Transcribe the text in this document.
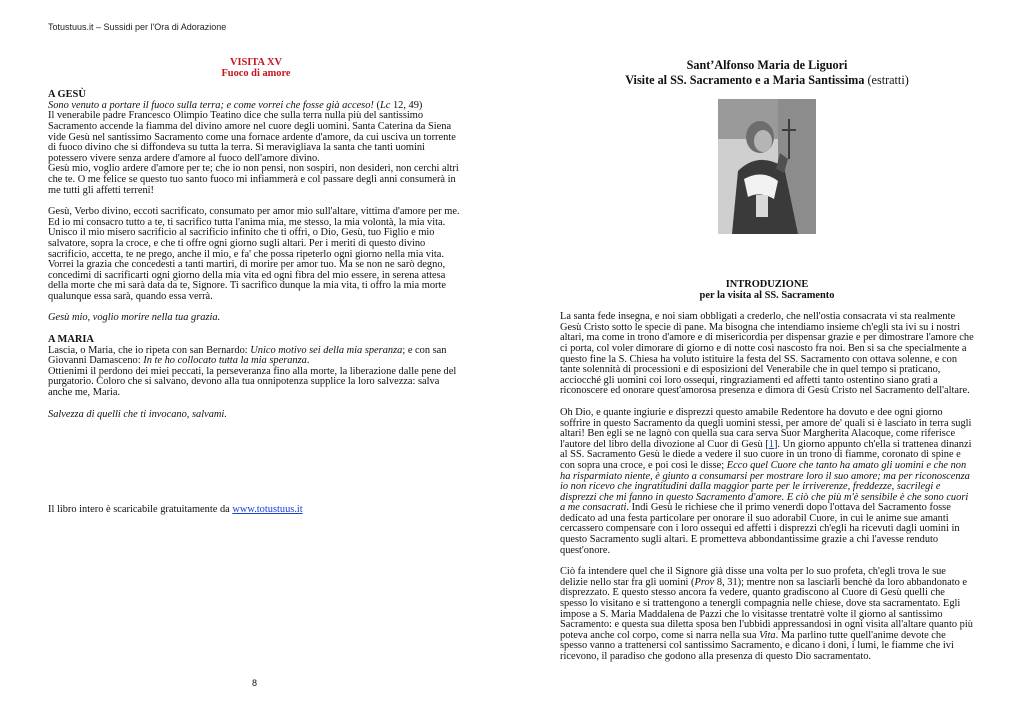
Totustuus.it – Sussidi per l'Ora di Adorazione

VISITA XV

Fuoco di amore

A GESÙ

Sono venuto a portare il fuoco sulla terra; e come vorrei che fosse già acceso! (Lc 12, 49)

Il venerabile padre Francesco Olimpio Teatino dice che sulla terra nulla più del santissimo Sacramento accende la fiamma del divino amore nel cuore degli uomini. Santa Caterina da Siena vide Gesù nel santissimo Sacramento come una fornace ardente d'amore, da cui usciva un torrente di fuoco divino che si diffondeva su tutta la terra. Si meravigliava la santa che tanti uomini potessero vivere senza ardere d'amore al fuoco dell'amore divino.

Gesù mio, voglio ardere d'amore per te; che io non pensi, non sospiri, non desideri, non cerchi altri che te. O me felice se questo tuo santo fuoco mi infiammerà e col passare degli anni consumerà in me tutti gli affetti terreni!

Gesù, Verbo divino, eccoti sacrificato, consumato per amor mio sull'altare, vittima d'amore per me. Ed io mi consacro tutto a te, ti sacrifico tutta l'anima mia, me stesso, la mia volontà, la mia vita. Unisco il mio misero sacrificio al sacrificio infinito che ti offri, o Dio, Gesù, tuo Figlio e mio salvatore, sopra la croce, e che ti offre ogni giorno sugli altari. Per i meriti di questo divino sacrificio, accetta, te ne prego, anche il mio, e fa' che possa ripeterlo ogni giorno nella mia vita. Vorrei la grazia che concedesti a tanti martiri, di morire per amor tuo. Ma se non ne sarò degno, concedimi di sacrificarti ogni giorno della mia vita ed ogni fibra del mio essere, in serena attesa della morte che mi sarà data da te, Signore. Ti sacrifico dunque la mia vita, ti offro la mia morte qualunque essa sarà, quando essa verrà.

Gesù mio, voglio morire nella tua grazia.

A MARIA

Lascia, o Maria, che io ripeta con san Bernardo: Unico motivo sei della mia speranza; e con san Giovanni Damasceno: In te ho collocato tutta la mia speranza.

Ottienimi il perdono dei miei peccati, la perseveranza fino alla morte, la liberazione dalle pene del purgatorio. Coloro che si salvano, devono alla tua onnipotenza supplice la loro salvezza: salva anche me, Maria.

Salvezza di quelli che ti invocano, salvami.

Il libro intero è scaricabile gratuitamente da www.totustuus.it

Sant’Alfonso Maria de Liguori

Visite al SS. Sacramento e a Maria Santissima (estratti)

INTRODUZIONE

per la visita al SS. Sacramento

La santa fede insegna, e noi siam obbligati a crederlo, che nell'ostia consacrata vi sta realmente Gesù Cristo sotto le specie di pane. Ma bisogna che intendiamo insieme ch'egli sta ivi su i nostri altari, ma come in trono d'amore e di misericordia per dispensar grazie e per dimostrare l'amore che ci porta, col voler dimorare di giorno e di notte così nascosto fra noi. Ben si sa che specialmente a questo fine la S. Chiesa ha voluto istituire la festa del SS. Sacramento con ottava solenne, e con tante solennità di processioni e di esposizioni del Venerabile che in quel tempo si praticano, acciocché gli uomini coi loro ossequi, ringraziamenti ed affetti tanto ostentino siano grati a riconoscere ed onorare quest'amorosa presenza e dimora di Gesù Cristo nel Sacramento dell'altare.

Oh Dio, e quante ingiurie e disprezzi questo amabile Redentore ha dovuto e dee ogni giorno soffrire in questo Sacramento da quegli uomini stessi, per amore de' quali si è lasciato in terra sugli altari! Ben egli se ne lagnò con quella sua cara serva Suor Margherita Alacoque, come riferisce l'autore del libro della divozione al Cuor di Gesù [1]. Un giorno appunto ch'ella si trattenea dinanzi al SS. Sacramento Gesù le diede a vedere il suo cuore in un trono di fiamme, coronato di spine e con sopra una croce, e poi così le disse; Ecco quel Cuore che tanto ha amato gli uomini e che non ha risparmiato niente, è giunto a consumarsi per mostrare loro il suo amore; ma per riconoscenza io non ricevo che ingratitudini dalla maggior parte per le irriverenze, freddezze, sacrilegi e disprezzi che mi fanno in questo Sacramento d'amore. E ciò che più m'è sensibile è che sono cuori a me consacrati. Indi Gesù le richiese che il primo venerdì dopo l'ottava del Sacramento fosse dedicato ad una festa particolare per onorare il suo adorabil Cuore, in cui le anime sue amanti cercassero compensare con i loro ossequi ed affetti i disprezzi ch'egli ha ricevuti dagli uomini in questo Sacramento sugli altari. E prometteva abbondantissime grazie a chi l'avesse renduto quest'onore.

Ciò fa intendere quel che il Signore già disse una volta per lo suo profeta, ch'egli trova le sue delizie nello star fra gli uomini (Prov 8, 31); mentre non sa lasciarli benchè da loro abbandonato e disprezzato. E questo stesso ancora fa vedere, quanto gradiscono al Cuore di Gesù quelli che spesso lo visitano e si trattengono a tenergli compagnia nelle chiese, dove sta sacramentato. Egli impose a S. Maria Maddalena de Pazzi che lo visitasse trentatrè volte il giorno al santissimo Sacramento: e questa sua diletta sposa ben l'ubbidì appressandosi in ogni visita all'altare quanto più poteva anche col corpo, come si narra nella sua Vita. Ma parlino tutte quell'anime devote che spesso vanno a trattenersi col santissimo Sacramento, e dicano i doni, i lumi, le fiamme che ivi ricevono, il paradiso che godono alla presenza di questo Dio sacramentato.

8
